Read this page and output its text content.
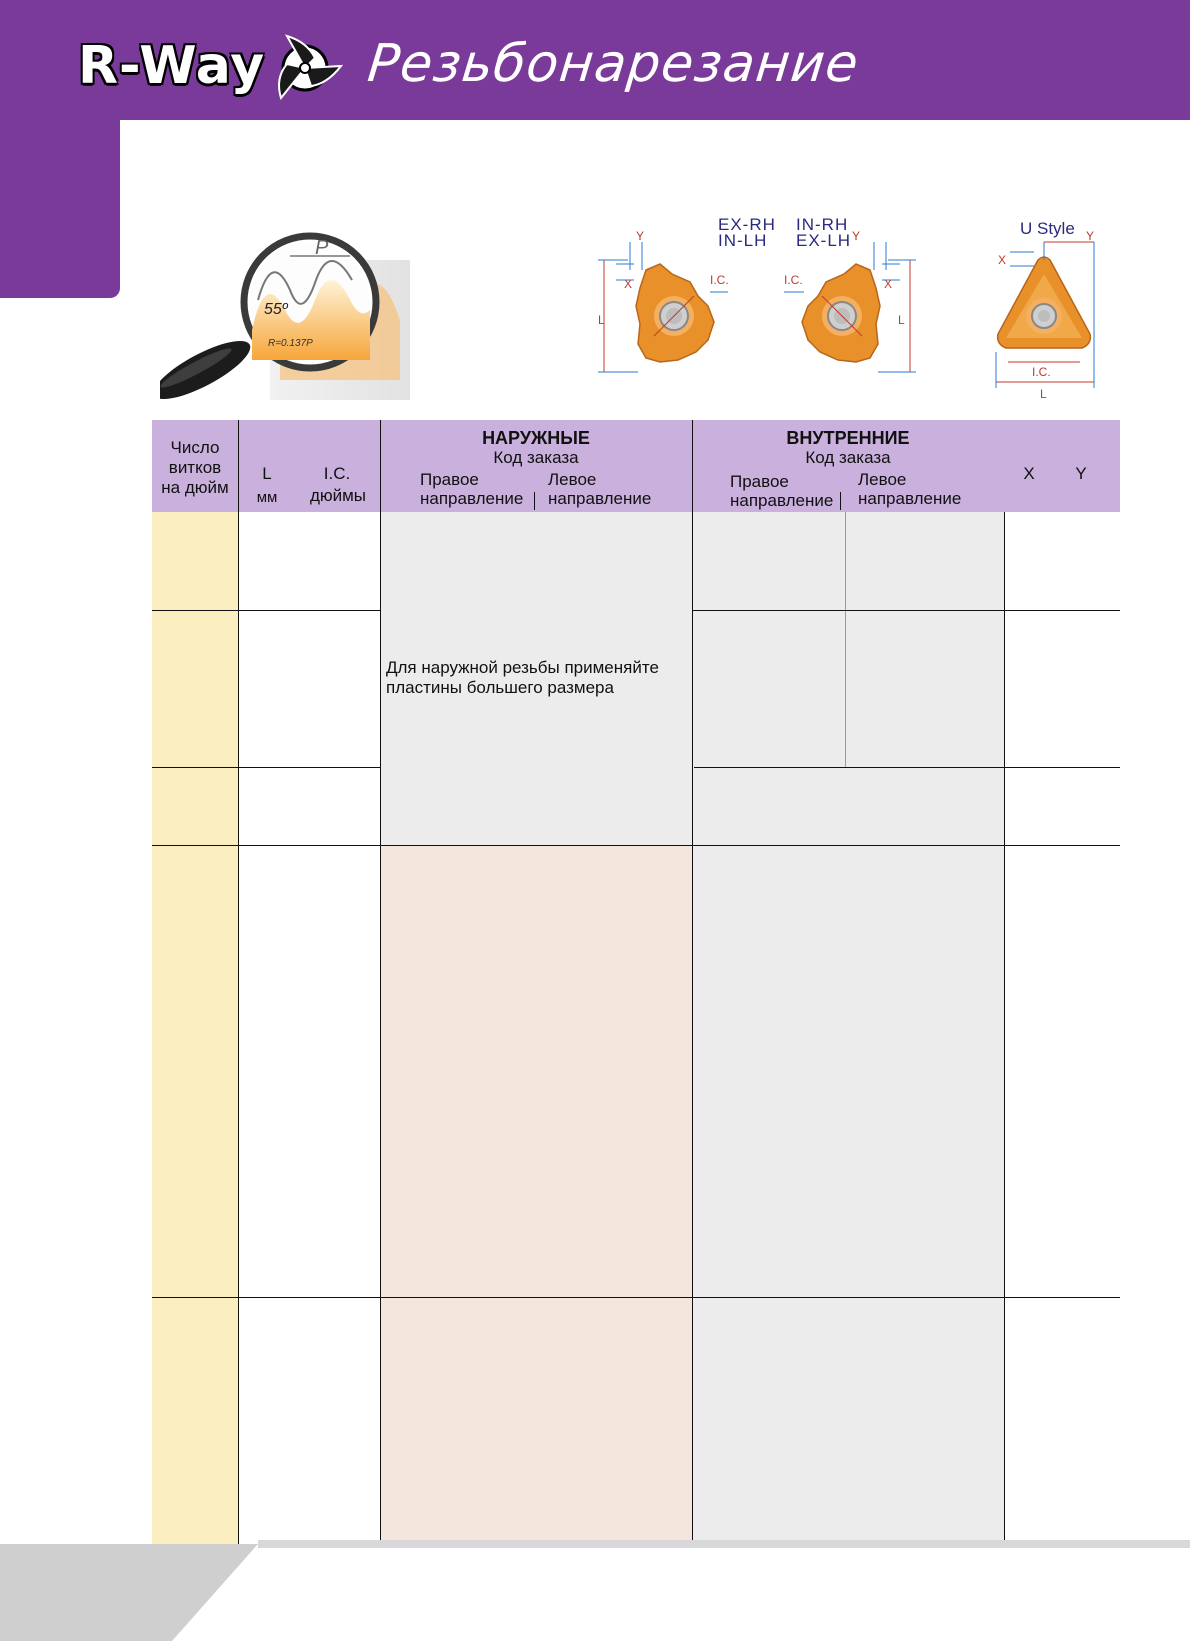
R-Way Резьбонарезание
P
55º
R=0.137P
EX-RH
IN-LH
IN-RH
EX-LH
U Style
Y
X
L
I.C.
Y
X
L
I.C.
Y
X
I.C.
L
Число
витков
на дюйм
L
мм
I.C.
дюймы
НАРУЖНЫЕ
Код заказа
Правое
направление
Левое
направление
ВНУТРЕННИЕ
Код заказа
Правое
направление
Левое
направление
X	Y
Для наружной резьбы применяйте
пластины большего размера
